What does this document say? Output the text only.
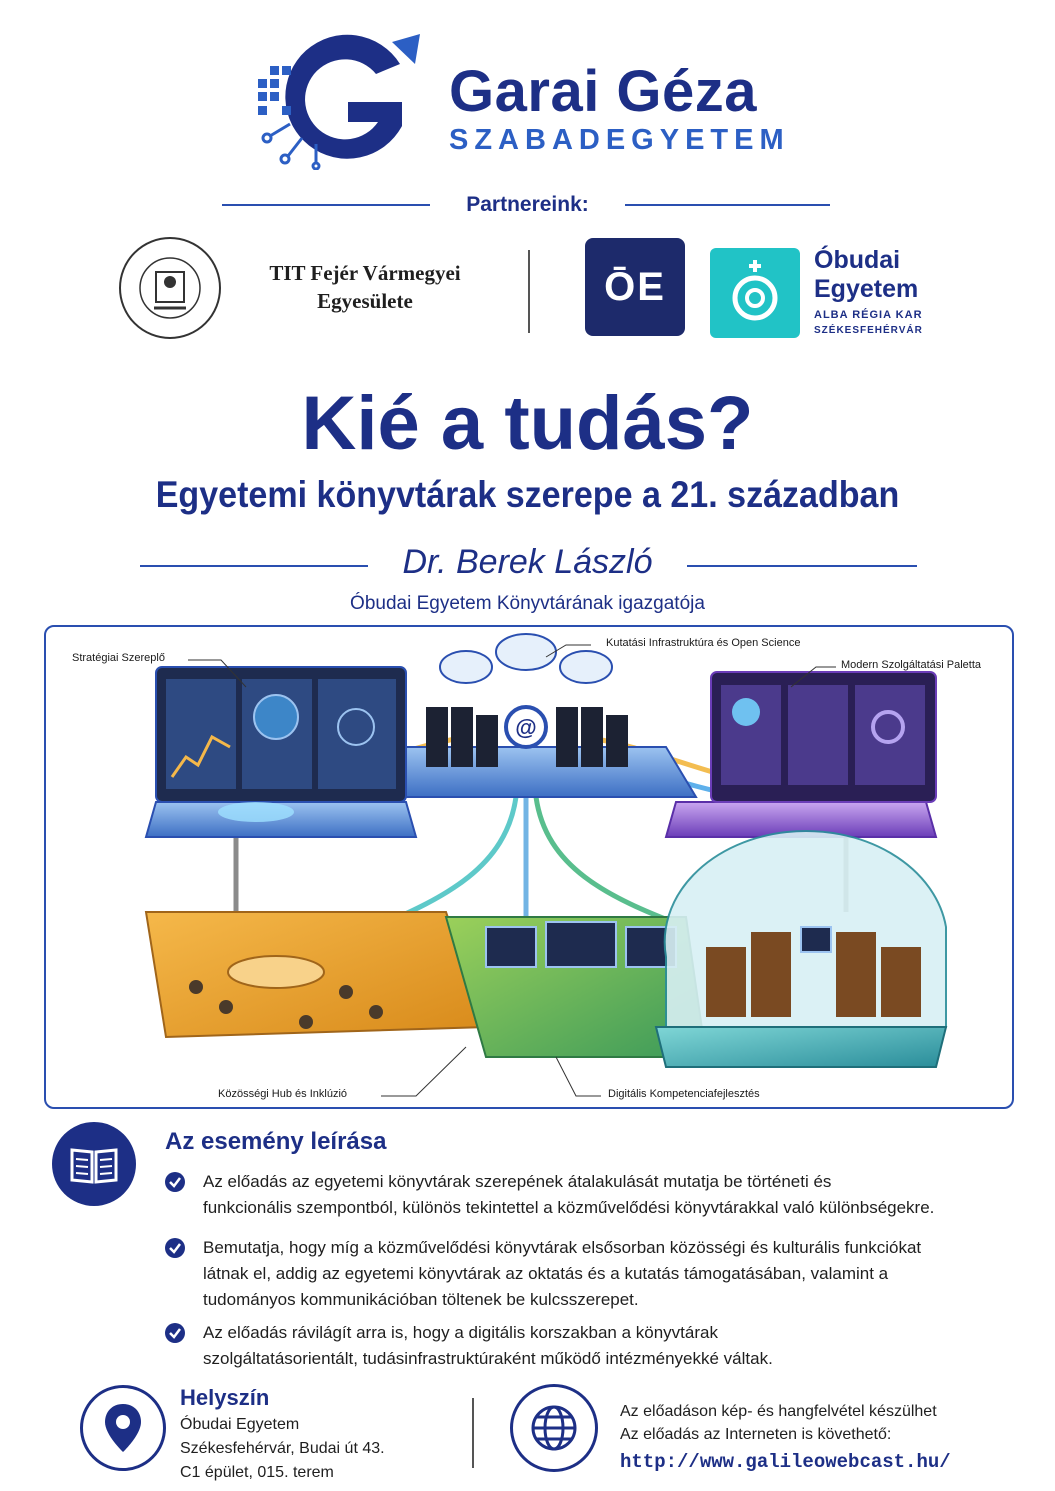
Garai Géza
SZABADEGYETEM
Partnereink:
TIT Fejér Vármegyei
Egyesülete	ŌE
Óbudai
Egyetem
ALBA RÉGIA KAR
SZÉKESFEHÉRVÁR
Kié a tudás?
Egyetemi könyvtárak szerepe a 21. században
Dr. Berek László
Óbudai Egyetem Könyvtárának igazgatója
@
Stratégiai Szereplő
Kutatási Infrastruktúra és Open Science
Modern Szolgáltatási Paletta
Közösségi Hub és Inklúzió	Digitális Kompetenciafejlesztés
Az esemény leírása
Az előadás az egyetemi könyvtárak szerepének átalakulását mutatja be történeti és
funkcionális szempontból, különös tekintettel a közművelődési könyvtárakkal való különbségekre.
Bemutatja, hogy míg a közművelődési könyvtárak elsősorban közösségi és kulturális funkciókat
látnak el, addig az egyetemi könyvtárak az oktatás és a kutatás támogatásában, valamint a
tudományos kommunikációban töltenek be kulcsszerepet.
Az előadás rávilágít arra is, hogy a digitális korszakban a könyvtárak
szolgáltatásorientált, tudásinfrastruktúraként működő intézményekké váltak.
Helyszín
Óbudai Egyetem
Székesfehérvár, Budai út 43.
C1 épület, 015. terem
Az előadáson kép- és hangfelvétel készülhet
Az előadás az Interneten is követhető:
http://www.galileowebcast.hu/
